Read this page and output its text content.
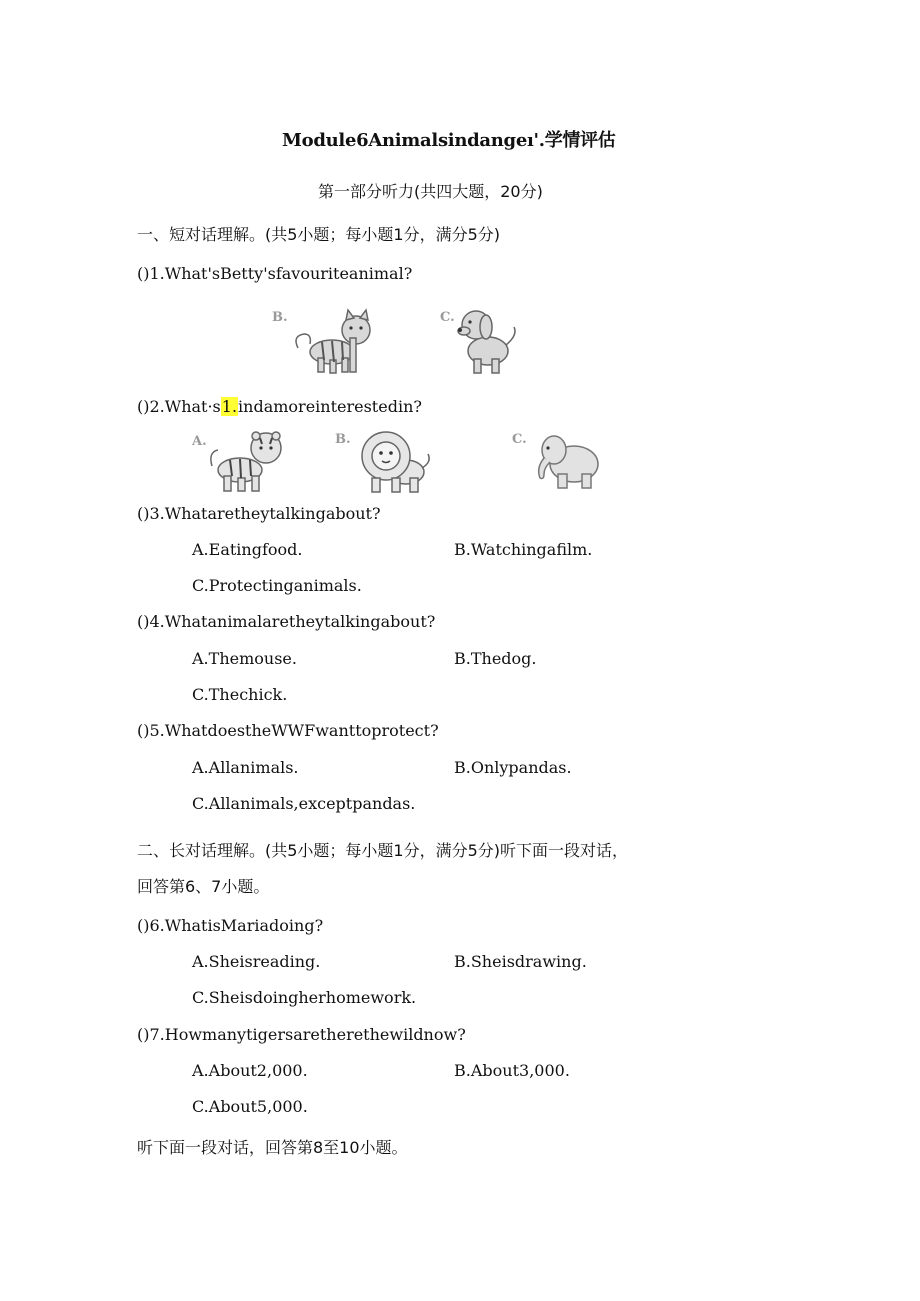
Module6Animalsindangeı'.学情评估
第一部分听力(共四大题，20分)
一、短对话理解。(共5小题；每小题1分，满分5分)
()1.What'sBetty'sfavouriteanimal?
B.	C.
()2.What·s1.indamoreinterestedin?
A.	B.	C.
()3.Whataretheytalkingabout?
A.Eatingfood.	B.Watchingafilm.
C.Protectinganimals.
()4.Whatanimalaretheytalkingabout?
A.Themouse.	B.Thedog.
C.Thechick.
()5.WhatdoestheWWFwanttoprotect?
A.Allanimals.	B.Onlypandas.
C.Allanimals,exceptpandas.
二、长对话理解。(共5小题；每小题1分，满分5分)听下面一段对话，
回答第6、7小题。
()6.WhatisMariadoing?
A.Sheisreading.	B.Sheisdrawing.
C.Sheisdoingherhomework.
()7.Howmanytigersaretherethewildnow?
A.About2,000.	B.About3,000.
C.About5,000.
听下面一段对话，回答第8至10小题。
